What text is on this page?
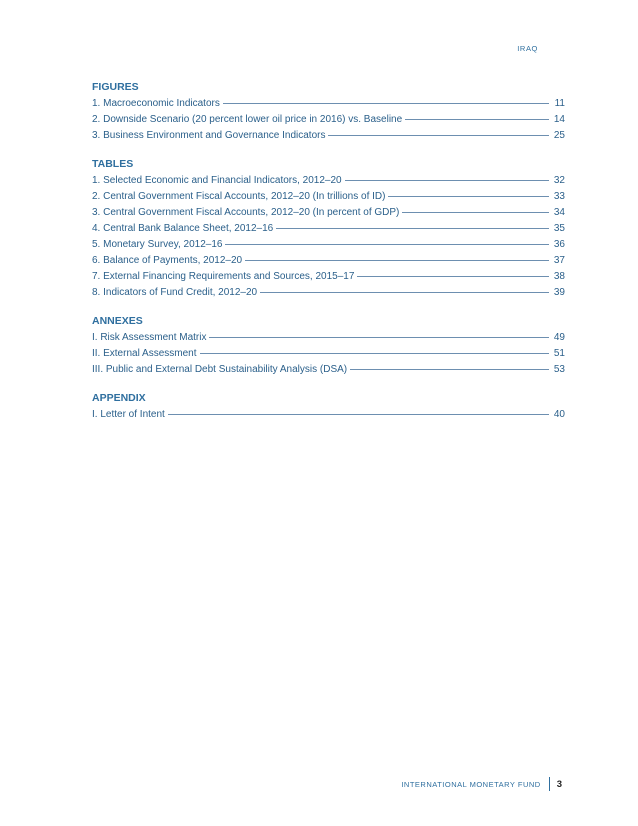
IRAQ
FIGURES
1. Macroeconomic Indicators	11
2. Downside Scenario (20 percent lower oil price in 2016) vs. Baseline	14
3. Business Environment and Governance Indicators	25
TABLES
1. Selected Economic and Financial Indicators, 2012–20	32
2. Central Government Fiscal Accounts, 2012–20 (In trillions of ID)	33
3. Central Government Fiscal Accounts, 2012–20 (In percent of GDP)	34
4. Central Bank Balance Sheet, 2012–16	35
5. Monetary Survey, 2012–16	36
6. Balance of Payments, 2012–20	37
7. External Financing Requirements and Sources, 2015–17	38
8. Indicators of Fund Credit, 2012–20	39
ANNEXES
I. Risk Assessment Matrix	49
II. External Assessment	51
III. Public and External Debt Sustainability Analysis (DSA)	53
APPENDIX
I. Letter of Intent	40
INTERNATIONAL MONETARY FUND 3
